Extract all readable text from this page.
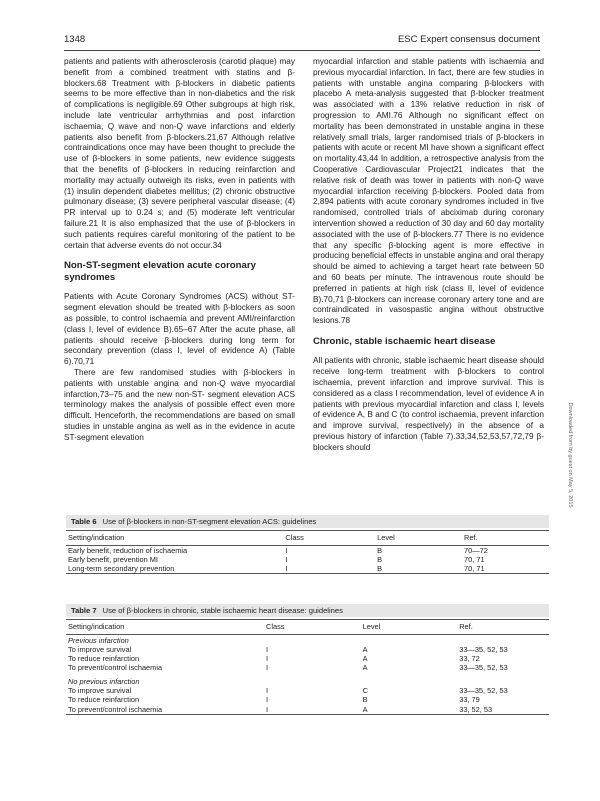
1348	ESC Expert consensus document

patients and patients with atherosclerosis (carotid plaque) may benefit from a combined treatment with statins and β-blockers.68 Treatment with β-blockers in diabetic patients seems to be more effective than in non-diabetics and the risk of complications is negligible.69 Other subgroups at high risk, include late ventricular arrhythmias and post infarction ischaemia, Q wave and non-Q wave infarctions and elderly patients also benefit from β-blockers.21,67 Although relative contraindications once may have been thought to preclude the use of β-blockers in some patients, new evidence suggests that the benefits of β-blockers in reducing reinfarction and mortality may actually outweigh its risks, even in patients with (1) insulin dependent diabetes mellitus; (2) chronic obstructive pulmonary disease; (3) severe peripheral vascular disease; (4) PR interval up to 0.24 s; and (5) moderate left ventricular failure.21 It is also emphasized that the use of β-blockers in such patients requires careful monitoring of the patient to be certain that adverse events do not occur.34

Non-ST-segment elevation acute coronary syndromes

Patients with Acute Coronary Syndromes (ACS) without ST-segment elevation should be treated with β-blockers as soon as possible, to control ischaemia and prevent AMI/reinfarction (class I, level of evidence B).65–67 After the acute phase, all patients should receive β-blockers during long term for secondary prevention (class I, level of evidence A) (Table 6).70,71

There are few randomised studies with β-blockers in patients with unstable angina and non-Q wave myocardial infarction,73–75 and the new non-ST- segment elevation ACS terminology makes the analysis of possible effect even more difficult. Henceforth, the recommendations are based on small studies in unstable angina as well as in the evidence in acute ST-segment elevation

myocardial infarction and stable patients with ischaemia and previous myocardial infarction. In fact, there are few studies in patients with unstable angina comparing β-blockers with placebo A meta-analysis suggested that β-blocker treatment was associated with a 13% relative reduction in risk of progression to AMI.76 Although no significant effect on mortality has been demonstrated in unstable angina in these relatively small trials, larger randomised trials of β-blockers in patients with acute or recent MI have shown a significant effect on mortality.43,44 In addition, a retrospective analysis from the Cooperative Cardiovascular Project21 indicates that the relative risk of death was tower in patients with non-Q wave myocardial infarction receiving β-blockers. Pooled data from 2,894 patients with acute coronary syndromes included in five randomised, controlled trials of abciximab during coronary intervention showed a reduction of 30 day and 60 day mortality associated with the use of β-blockers.77 There is no evidence that any specific β-blocking agent is more effective in producing beneficial effects in unstable angina and oral therapy should be aimed to achieving a target heart rate between 50 and 60 beats per minute. The intravenous route should be preferred in patients at high risk (class II, level of evidence B).70,71 β-blockers can increase coronary artery tone and are contraindicated in vasospastic angina without obstructive lesions.78

Chronic, stable ischaemic heart disease

All patients with chronic, stable ischaemic heart disease should receive long-term treatment with β-blockers to control ischaemia, prevent infarction and improve survival. This is considered as a class I recommendation, level of evidence A in patients with previous myocardial infarction and class I, levels of evidence A, B and C (to control ischaemia, prevent infarction and improve survival, respectively) in the absence of a previous history of infarction (Table 7).33,34,52,53,57,72,79 β-blockers should	Downloaded from by guest on May 5, 2015
Table 6 Use of β-blockers in non-ST-segment elevation ACS: guidelines
Setting/indication	Class	Level	Ref.
Early benefit, reduction of ischaemia	I	B	70—72
Early benefit, prevention MI	I	B	70, 71
Long-term secondary prevention	I	B	70, 71
Table 7 Use of β-blockers in chronic, stable ischaemic heart disease: guidelines
Setting/indication	Class	Level	Ref.
Previous infarction			
To improve survival	I	A	33—35, 52, 53
To reduce reinfarction	I	A	33, 72
To prevent/control ischaemia	I	A	33—35, 52, 53
No previous infarction			
To improve survival	I	C	33—35, 52, 53
To reduce reinfarction	I	B	33, 79
To prevent/control ischaemia	I	A	33, 52, 53
